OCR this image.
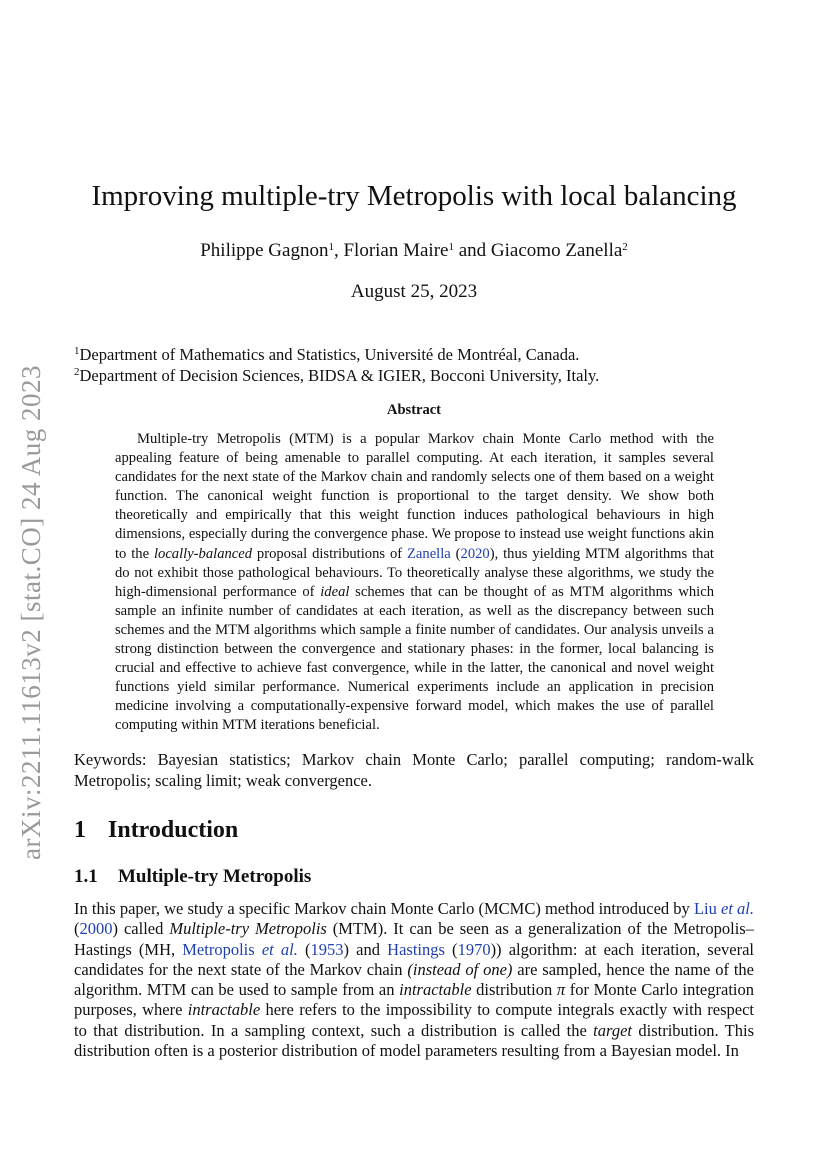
arXiv:2211.11613v2 [stat.CO] 24 Aug 2023
Improving multiple-try Metropolis with local balancing
Philippe Gagnon$^1$, Florian Maire$^1$ and Giacomo Zanella$^2$
August 25, 2023
$^1$Department of Mathematics and Statistics, Université de Montréal, Canada.
$^2$Department of Decision Sciences, BIDSA & IGIER, Bocconi University, Italy.
Abstract
Multiple-try Metropolis (MTM) is a popular Markov chain Monte Carlo method with the appealing feature of being amenable to parallel computing. At each iteration, it samples several candidates for the next state of the Markov chain and randomly selects one of them based on a weight function. The canonical weight function is proportional to the target density. We show both theoretically and empirically that this weight function induces pathological behaviours in high dimensions, especially during the convergence phase. We propose to instead use weight functions akin to the locally-balanced proposal distributions of Zanella (2020), thus yielding MTM algorithms that do not exhibit those pathological behaviours. To theoretically analyse these algorithms, we study the high-dimensional performance of ideal schemes that can be thought of as MTM algorithms which sample an infinite number of candidates at each iteration, as well as the discrepancy between such schemes and the MTM algorithms which sample a finite number of candidates. Our analysis unveils a strong distinction between the convergence and stationary phases: in the former, local balancing is crucial and effective to achieve fast convergence, while in the latter, the canonical and novel weight functions yield similar performance. Numerical experiments include an application in precision medicine involving a computationally-expensive forward model, which makes the use of parallel computing within MTM iterations beneficial.
Keywords: Bayesian statistics; Markov chain Monte Carlo; parallel computing; random-walk Metropolis; scaling limit; weak convergence.
1 Introduction
1.1 Multiple-try Metropolis
In this paper, we study a specific Markov chain Monte Carlo (MCMC) method introduced by Liu et al. (2000) called Multiple-try Metropolis (MTM). It can be seen as a generalization of the Metropolis–Hastings (MH, Metropolis et al. (1953) and Hastings (1970)) algorithm: at each iteration, several candidates for the next state of the Markov chain (instead of one) are sampled, hence the name of the algorithm. MTM can be used to sample from an intractable distribution π for Monte Carlo integration purposes, where intractable here refers to the impossibility to compute integrals exactly with respect to that distribution. In a sampling context, such a distribution is called the target distribution. This distribution often is a posterior distribution of model parameters resulting from a Bayesian model. In
